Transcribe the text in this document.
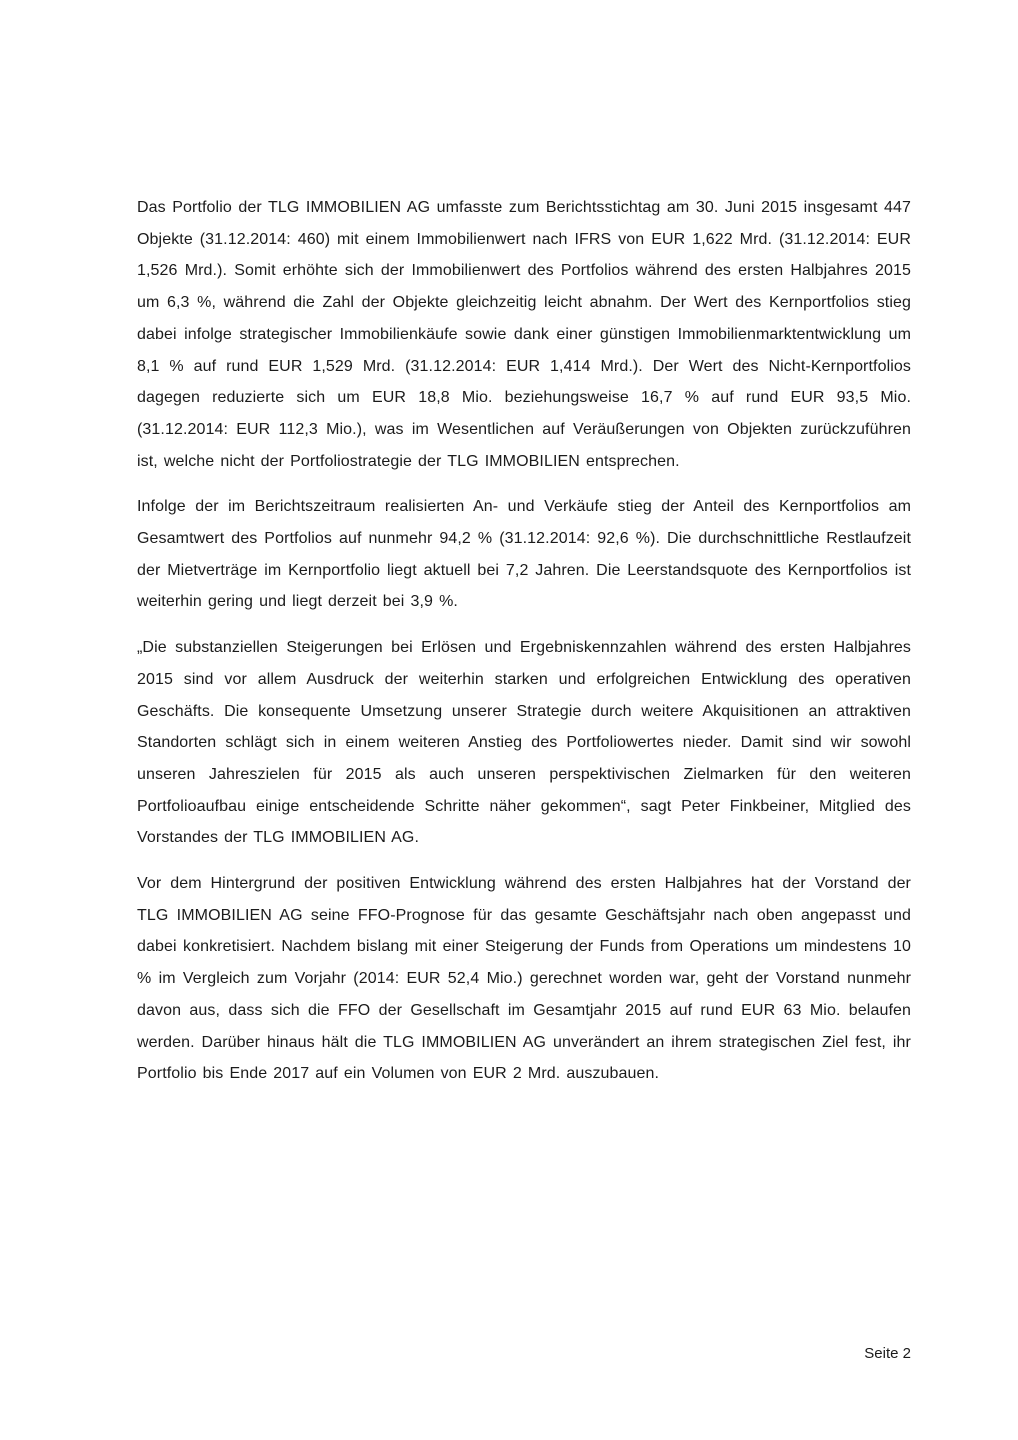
Das Portfolio der TLG IMMOBILIEN AG umfasste zum Berichtsstichtag am 30. Juni 2015 insgesamt 447 Objekte (31.12.2014: 460) mit einem Immobilienwert nach IFRS von EUR 1,622 Mrd. (31.12.2014: EUR 1,526 Mrd.). Somit erhöhte sich der Immobilienwert des Portfolios während des ersten Halbjahres 2015 um 6,3 %, während die Zahl der Objekte gleichzeitig leicht abnahm. Der Wert des Kernportfolios stieg dabei infolge strategischer Immobilienkäufe sowie dank einer günstigen Immobilienmarktentwicklung um 8,1 % auf rund EUR 1,529 Mrd. (31.12.2014: EUR 1,414 Mrd.). Der Wert des Nicht-Kernportfolios dagegen reduzierte sich um EUR 18,8 Mio. beziehungsweise 16,7 % auf rund EUR 93,5 Mio. (31.12.2014: EUR 112,3 Mio.), was im Wesentlichen auf Veräußerungen von Objekten zurückzuführen ist, welche nicht der Portfoliostrategie der TLG IMMOBILIEN entsprechen.

Infolge der im Berichtszeitraum realisierten An- und Verkäufe stieg der Anteil des Kernportfolios am Gesamtwert des Portfolios auf nunmehr 94,2 % (31.12.2014: 92,6 %). Die durchschnittliche Restlaufzeit der Mietverträge im Kernportfolio liegt aktuell bei 7,2 Jahren. Die Leerstandsquote des Kernportfolios ist weiterhin gering und liegt derzeit bei 3,9 %.

„Die substanziellen Steigerungen bei Erlösen und Ergebniskennzahlen während des ersten Halbjahres 2015 sind vor allem Ausdruck der weiterhin starken und erfolgreichen Entwicklung des operativen Geschäfts. Die konsequente Umsetzung unserer Strategie durch weitere Akquisitionen an attraktiven Standorten schlägt sich in einem weiteren Anstieg des Portfoliowertes nieder. Damit sind wir sowohl unseren Jahreszielen für 2015 als auch unseren perspektivischen Zielmarken für den weiteren Portfolioaufbau einige entscheidende Schritte näher gekommen“, sagt Peter Finkbeiner, Mitglied des Vorstandes der TLG IMMOBILIEN AG.

Vor dem Hintergrund der positiven Entwicklung während des ersten Halbjahres hat der Vorstand der TLG IMMOBILIEN AG seine FFO-Prognose für das gesamte Geschäftsjahr nach oben angepasst und dabei konkretisiert. Nachdem bislang mit einer Steigerung der Funds from Operations um mindestens 10 % im Vergleich zum Vorjahr (2014: EUR 52,4 Mio.) gerechnet worden war, geht der Vorstand nunmehr davon aus, dass sich die FFO der Gesellschaft im Gesamtjahr 2015 auf rund EUR 63 Mio. belaufen werden. Darüber hinaus hält die TLG IMMOBILIEN AG unverändert an ihrem strategischen Ziel fest, ihr Portfolio bis Ende 2017 auf ein Volumen von EUR 2 Mrd. auszubauen.

Seite 2
